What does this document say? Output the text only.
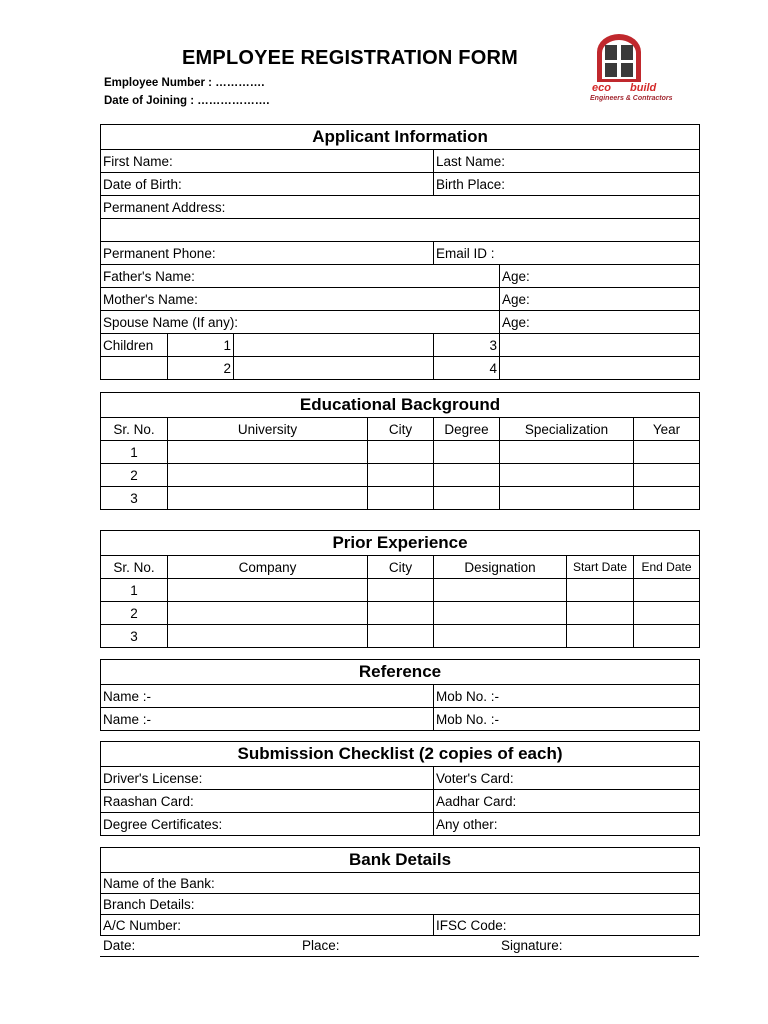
EMPLOYEE REGISTRATION FORM
Employee Number : ………….
Date of Joining : ……………….
eco build
Engineers & Contractors
Applicant Information				
First Name:			Last Name:	
Date of Birth:			Birth Place:	
Permanent Address:				

Permanent Phone:			Email ID :	
Father's Name:				Age:
Mother's Name:				Age:
Spouse Name (If any):				Age:
Children	1		3	
	2		4	
Educational Background					
Sr. No.	University	City	Degree	Specialization	Year
1					
2					
3					
Prior Experience					
Sr. No.	Company	City	Designation	Start Date	End Date
1					
2					
3					
Reference	
Name :-	Mob No. :-
Name :-	Mob No. :-
Submission Checklist (2 copies of each)	
Driver's License:	Voter's Card:
Raashan Card:	Aadhar Card:
Degree Certificates:	Any other:
Bank Details
Name of the Bank:
Branch Details:
A/C Number:	IFSC Code:
Date:	Place:	Signature:
